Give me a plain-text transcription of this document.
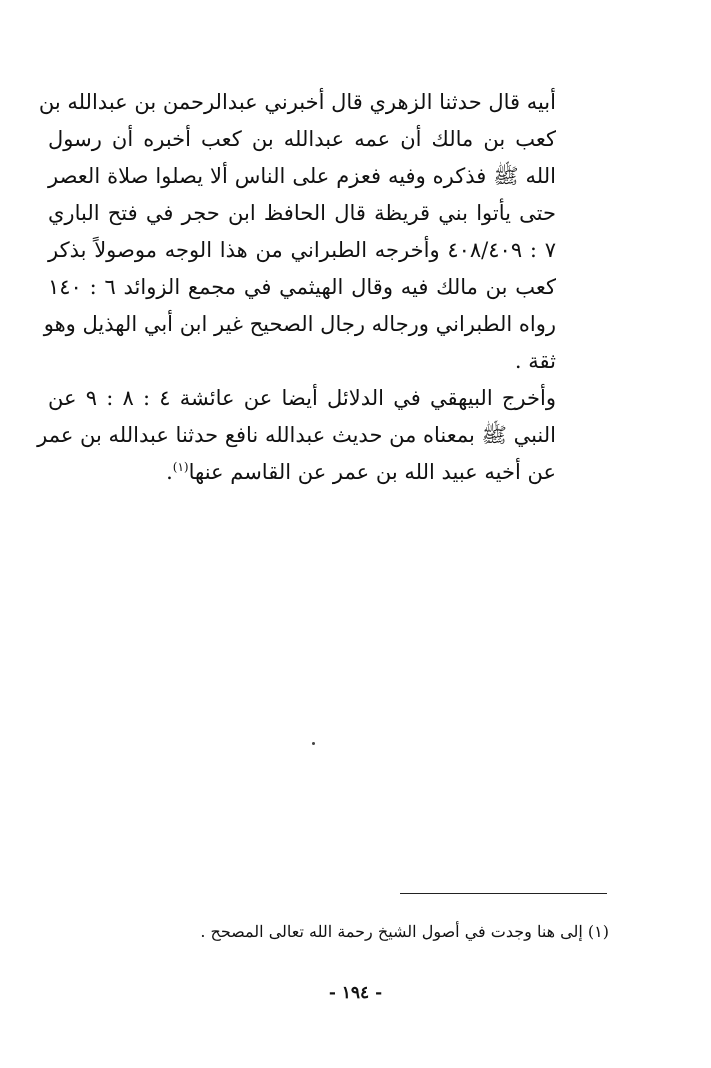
أبيه قال حدثنا الزهري قال أخبرني عبدالرحمن بن عبدالله بن
كعب بن مالك أن عمه عبدالله بن كعب أخبره أن رسول
الله ﷺ فذكره وفيه فعزم على الناس ألا يصلوا صلاة العصر
حتى يأتوا بني قريظة قال الحافظ ابن حجر في فتح الباري
٧ : ٤٠٨/٤٠٩ وأخرجه الطبراني من هذا الوجه موصولاً بذكر
كعب بن مالك فيه وقال الهيثمي في مجمع الزوائد ٦ : ١٤٠
رواه الطبراني ورجاله رجال الصحيح غير ابن أبي الهذيل وهو
ثقة .
وأخرج البيهقي في الدلائل أيضا عن عائشة ٤ : ٨ : ٩ عن
النبي ﷺ بمعناه من حديث عبدالله نافع حدثنا عبدالله بن عمر
عن أخيه عبيد الله بن عمر عن القاسم عنها$^{(١)}$.
(١) إلى هنا وجدت في أصول الشيخ رحمة الله تعالى المصحح .
- ١٩٤ -
